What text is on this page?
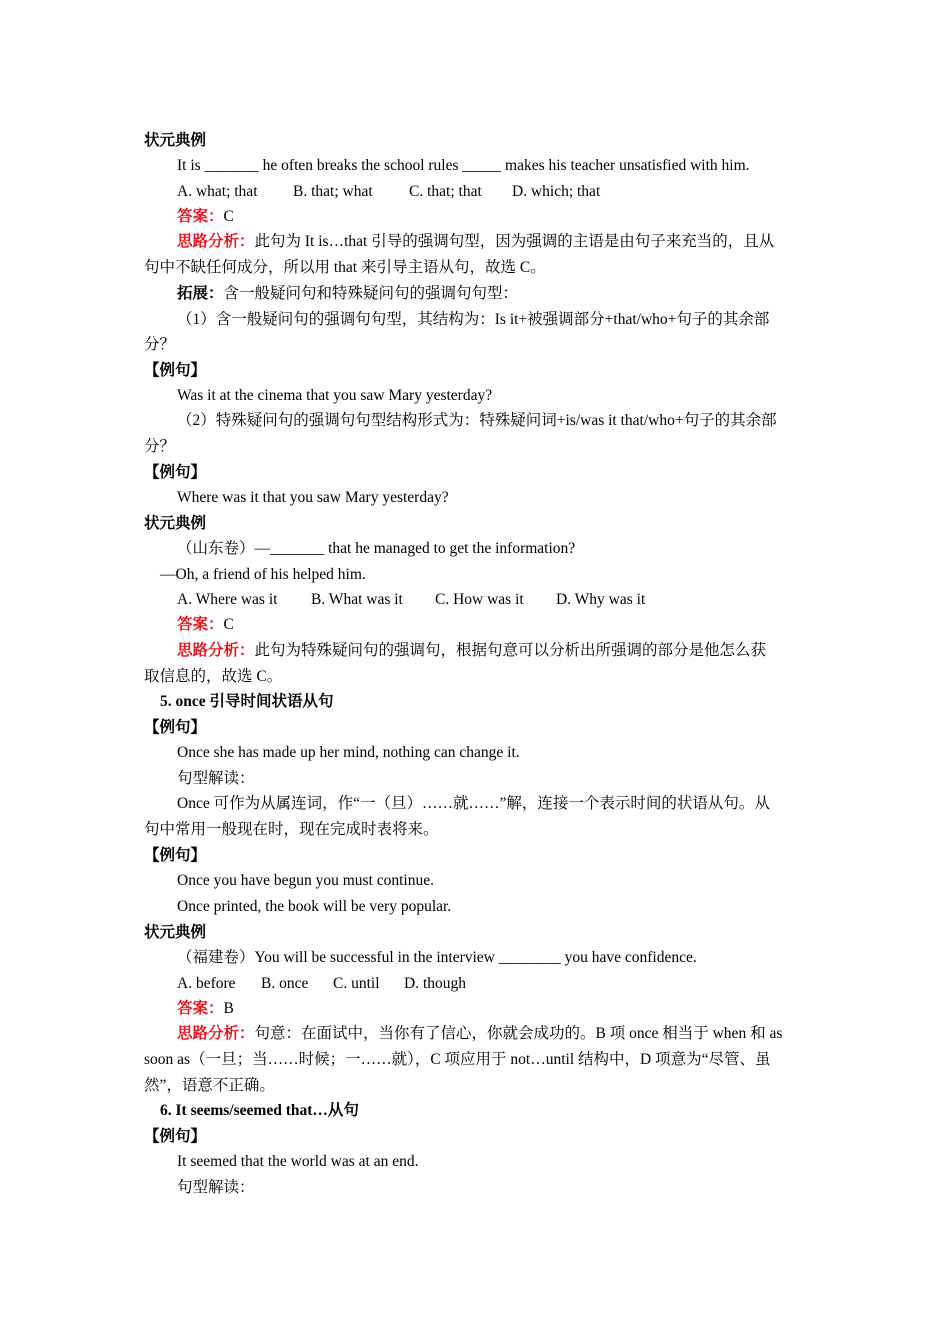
状元典例
It is _______ he often breaks the school rules _____ makes his teacher unsatisfied with him.
A. what; that B. that; what C. that; that D. which; that
答案：C
思路分析：此句为 It is…that 引导的强调句型，因为强调的主语是由句子来充当的，且从
句中不缺任何成分，所以用 that 来引导主语从句，故选 C。
拓展：含一般疑问句和特殊疑问句的强调句句型：
（1）含一般疑问句的强调句句型，其结构为：Is it+被强调部分+that/who+句子的其余部
分？
【例句】
Was it at the cinema that you saw Mary yesterday?
（2）特殊疑问句的强调句句型结构形式为：特殊疑问词+is/was it that/who+句子的其余部
分？
【例句】
Where was it that you saw Mary yesterday?
状元典例
（山东卷）—_______ that he managed to get the information?
—Oh, a friend of his helped him.
A. Where was it B. What was it C. How was it D. Why was it
答案：C
思路分析：此句为特殊疑问句的强调句，根据句意可以分析出所强调的部分是他怎么获
取信息的，故选 C。
5. once 引导时间状语从句
【例句】
Once she has made up her mind, nothing can change it.
句型解读：
Once 可作为从属连词，作“一（旦）……就……”解，连接一个表示时间的状语从句。从
句中常用一般现在时，现在完成时表将来。
【例句】
Once you have begun you must continue.
Once printed, the book will be very popular.
状元典例
（福建卷）You will be successful in the interview ________ you have confidence.
A. before B. once C. until D. though
答案：B
思路分析：句意：在面试中，当你有了信心，你就会成功的。B 项 once 相当于 when 和 as
soon as（一旦；当……时候；一……就），C 项应用于 not…until 结构中，D 项意为“尽管、虽
然”，语意不正确。
6. It seems/seemed that…从句
【例句】
It seemed that the world was at an end.
句型解读：
